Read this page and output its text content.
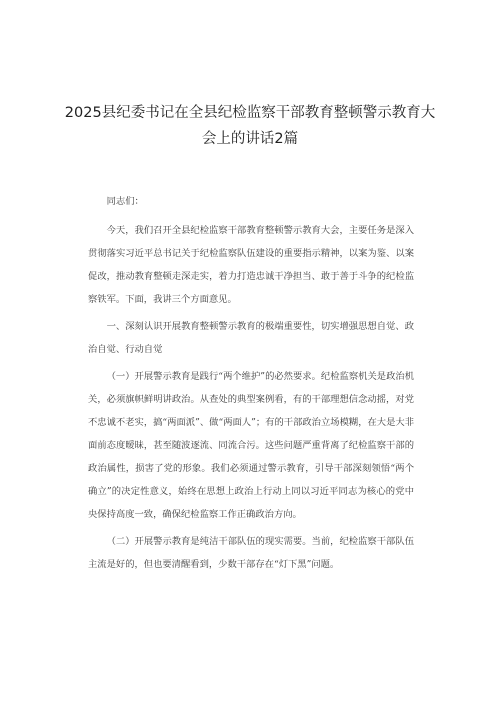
2025县纪委书记在全县纪检监察干部教育整顿警示教育大会上的讲话2篇

同志们：

今天，我们召开全县纪检监察干部教育整顿警示教育大会，主要任务是深入贯彻落实习近平总书记关于纪检监察队伍建设的重要指示精神，以案为鉴、以案促改，推动教育整顿走深走实，着力打造忠诚干净担当、敢于善于斗争的纪检监察铁军。下面，我讲三个方面意见。

一、深刻认识开展教育整顿警示教育的极端重要性，切实增强思想自觉、政治自觉、行动自觉

（一）开展警示教育是践行“两个维护”的必然要求。纪检监察机关是政治机关，必须旗帜鲜明讲政治。从查处的典型案例看，有的干部理想信念动摇，对党不忠诚不老实，搞“两面派”、做“两面人”；有的干部政治立场模糊，在大是大非面前态度暧昧，甚至随波逐流、同流合污。这些问题严重背离了纪检监察干部的政治属性，损害了党的形象。我们必须通过警示教育，引导干部深刻领悟“两个确立”的决定性意义，始终在思想上政治上行动上同以习近平同志为核心的党中央保持高度一致，确保纪检监察工作正确政治方向。

（二）开展警示教育是纯洁干部队伍的现实需要。当前，纪检监察干部队伍主流是好的，但也要清醒看到，少数干部存在“灯下黑”问题。
